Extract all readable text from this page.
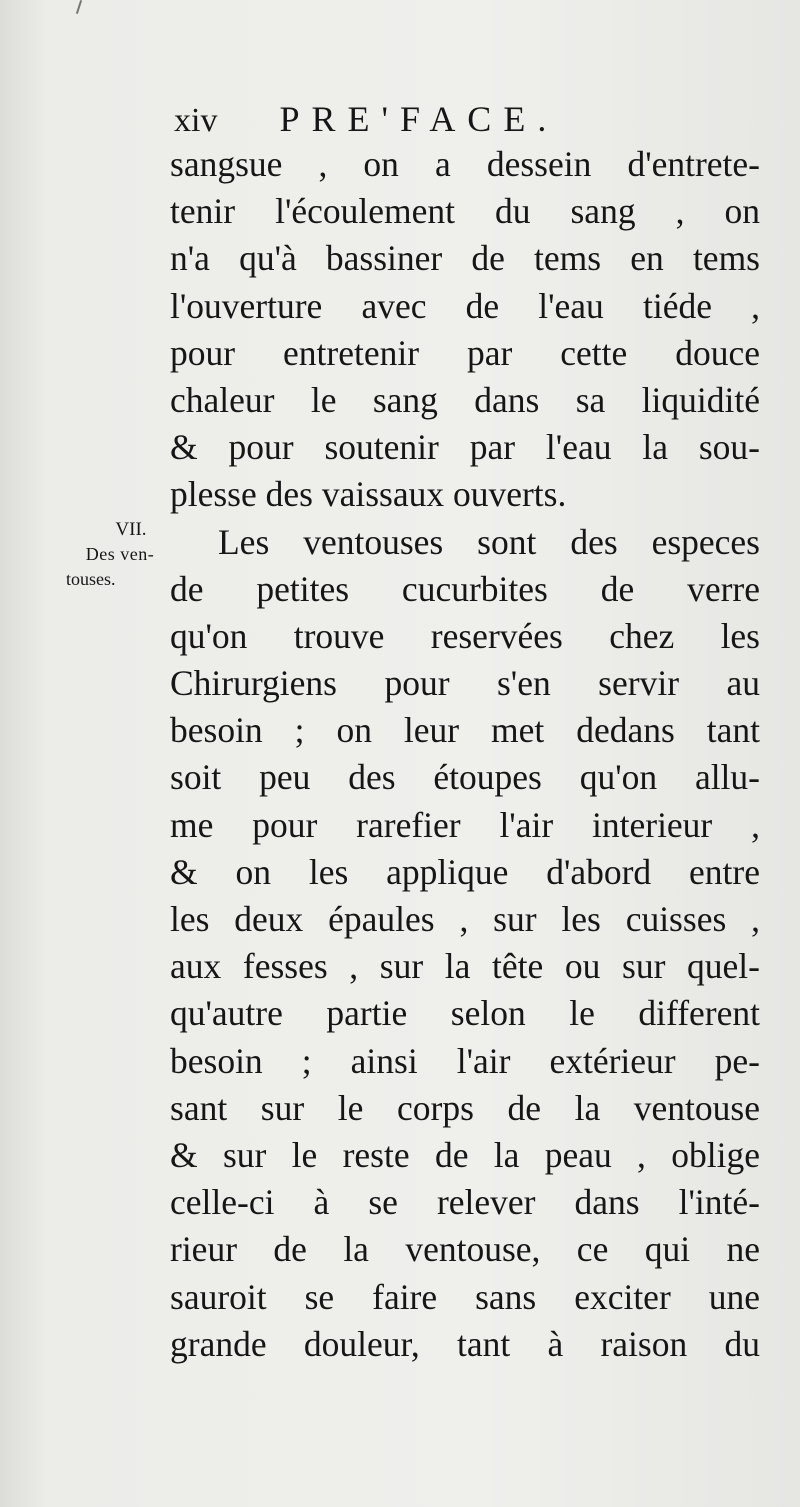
xiv PRE'FACE.
VII.
Des ven-
touses.
sangsue , on a dessein d'entrete-
tenir l'écoulement du sang , on
n'a qu'à bassiner de tems en tems
l'ouverture avec de l'eau tiéde ,
pour entretenir par cette douce
chaleur le sang dans sa liquidité
& pour soutenir par l'eau la sou-
plesse des vaissaux ouverts.
Les ventouses sont des especes
de petites cucurbites de verre
qu'on trouve reservées chez les
Chirurgiens pour s'en servir au
besoin ; on leur met dedans tant
soit peu des étoupes qu'on allu-
me pour rarefier l'air interieur ,
& on les applique d'abord entre
les deux épaules , sur les cuisses ,
aux fesses , sur la tête ou sur quel-
qu'autre partie selon le different
besoin ; ainsi l'air extérieur pe-
sant sur le corps de la ventouse
& sur le reste de la peau , oblige
celle-ci à se relever dans l'inté-
rieur de la ventouse, ce qui ne
sauroit se faire sans exciter une
grande douleur, tant à raison du
